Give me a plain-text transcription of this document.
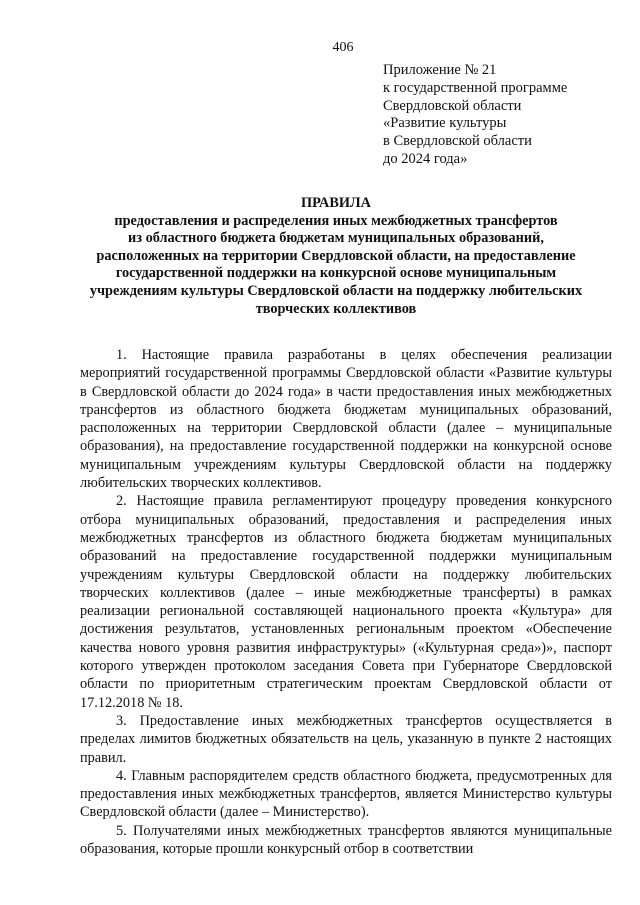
406
Приложение № 21
к государственной программе
Свердловской области
«Развитие культуры
в Свердловской области
до 2024 года»
ПРАВИЛА
предоставления и распределения иных межбюджетных трансфертов
из областного бюджета бюджетам муниципальных образований,
расположенных на территории Свердловской области, на предоставление
государственной поддержки на конкурсной основе муниципальным
учреждениям культуры Свердловской области на поддержку любительских
творческих коллективов

1. Настоящие правила разработаны в целях обеспечения реализации мероприятий государственной программы Свердловской области «Развитие культуры в Свердловской области до 2024 года» в части предоставления иных межбюджетных трансфертов из областного бюджета бюджетам муниципальных образований, расположенных на территории Свердловской области (далее – муниципальные образования), на предоставление государственной поддержки на конкурсной основе муниципальным учреждениям культуры Свердловской области на поддержку любительских творческих коллективов.

2. Настоящие правила регламентируют процедуру проведения конкурсного отбора муниципальных образований, предоставления и распределения иных межбюджетных трансфертов из областного бюджета бюджетам муниципальных образований на предоставление государственной поддержки муниципальным учреждениям культуры Свердловской области на поддержку любительских творческих коллективов (далее – иные межбюджетные трансферты) в рамках реализации региональной составляющей национального проекта «Культура» для достижения результатов, установленных региональным проектом «Обеспечение качества нового уровня развития инфраструктуры» («Культурная среда»)», паспорт которого утвержден протоколом заседания Совета при Губернаторе Свердловской области по приоритетным стратегическим проектам Свердловской области от 17.12.2018 № 18.

3. Предоставление иных межбюджетных трансфертов осуществляется в пределах лимитов бюджетных обязательств на цель, указанную в пункте 2 настоящих правил.

4. Главным распорядителем средств областного бюджета, предусмотренных для предоставления иных межбюджетных трансфертов, является Министерство культуры Свердловской области (далее – Министерство).

5. Получателями иных межбюджетных трансфертов являются муниципальные образования, которые прошли конкурсный отбор в соответствии
